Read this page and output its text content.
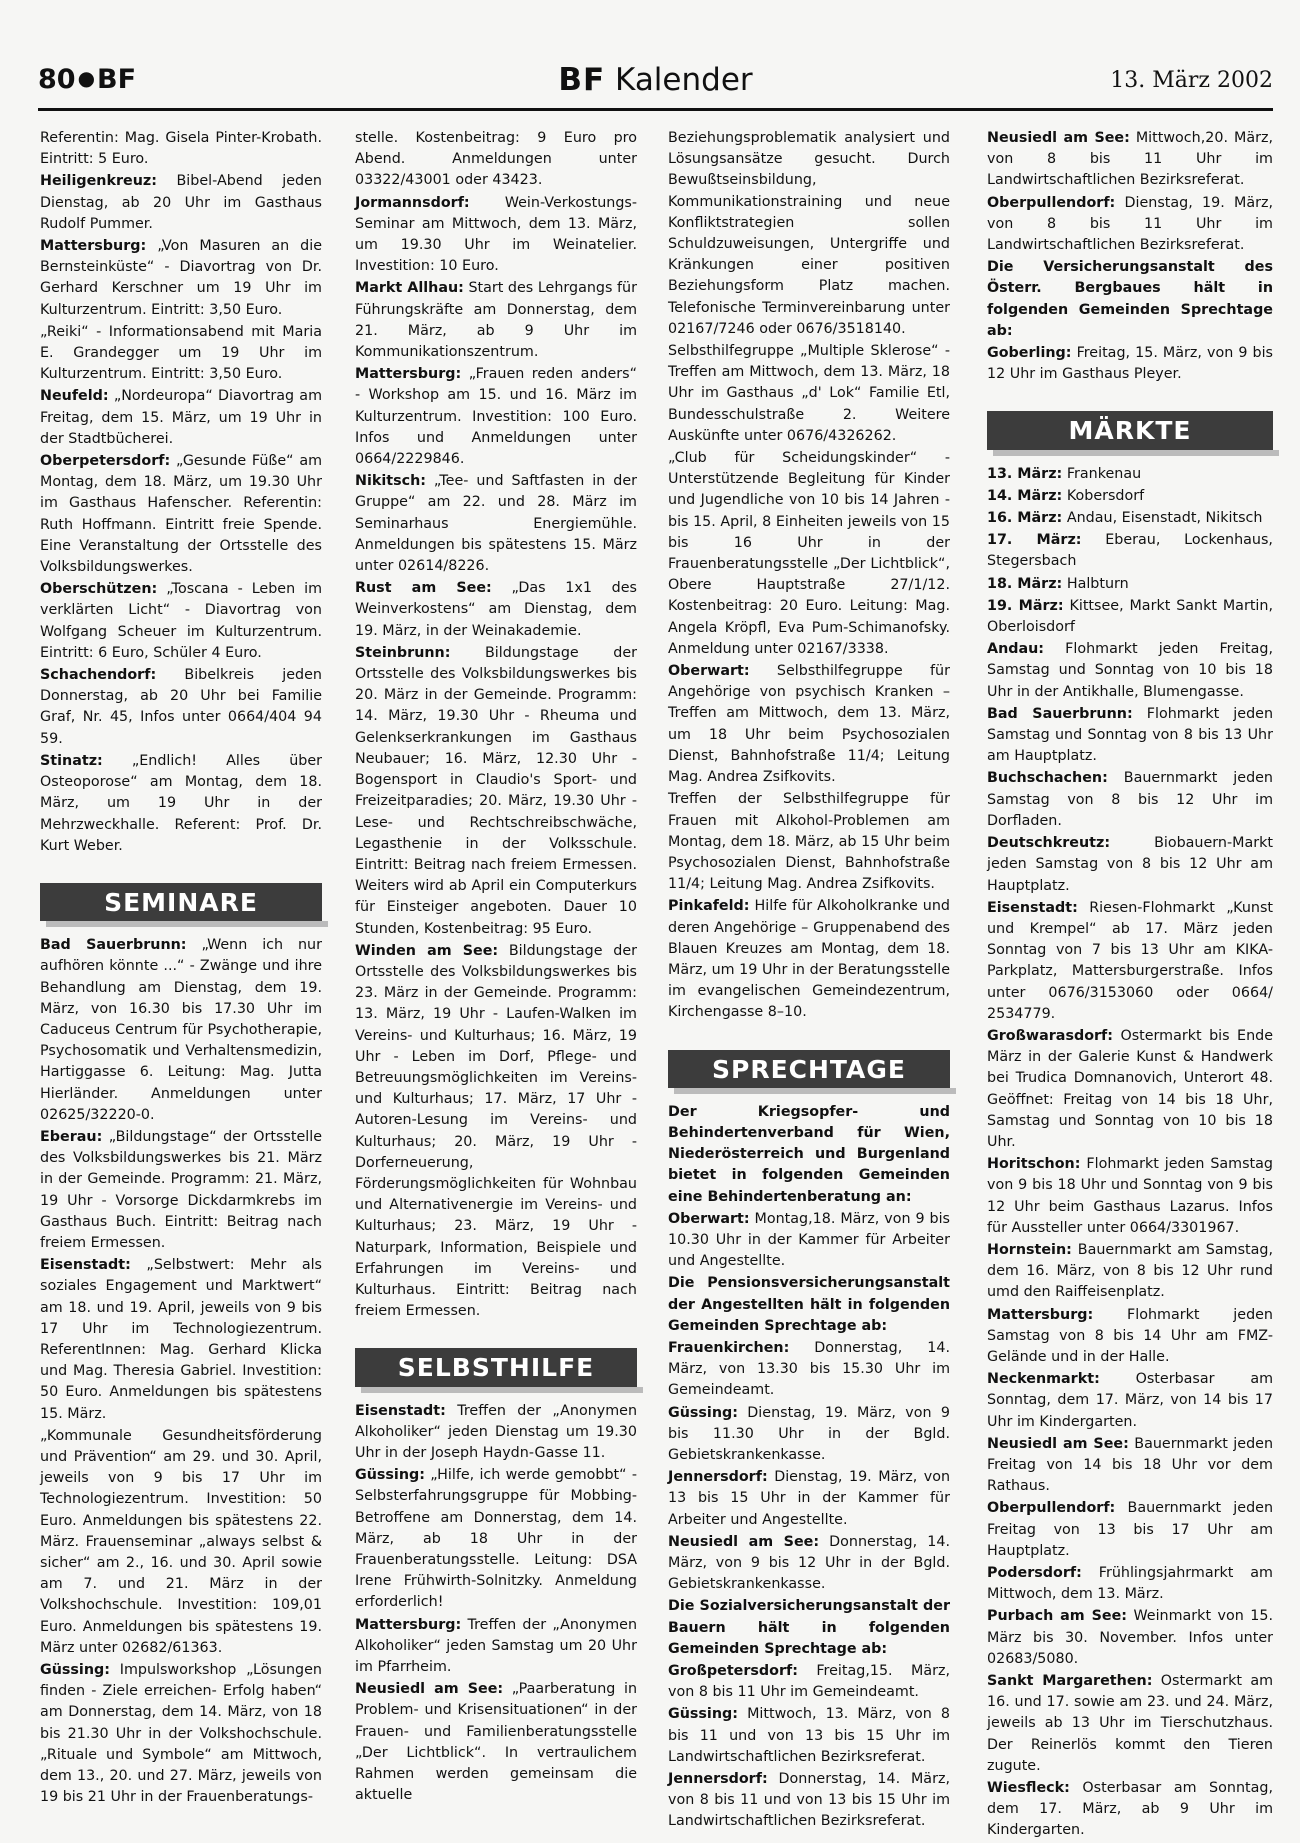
80 ●BF	BF Kalender	13. März 2002
Referentin: Mag. Gisela Pinter-Krobath. Eintritt: 5 Euro.
Heiligenkreuz: Bibel-Abend jeden Dienstag, ab 20 Uhr im Gasthaus Rudolf Pummer.
Mattersburg: „Von Masuren an die Bernsteinküste“ - Diavortrag von Dr. Gerhard Kerschner um 19 Uhr im Kulturzentrum. Eintritt: 3,50 Euro.
„Reiki“ - Informationsabend mit Maria E. Grandegger um 19 Uhr im Kulturzentrum. Eintritt: 3,50 Euro.
Neufeld: „Nordeuropa“ Diavortrag am Freitag, dem 15. März, um 19 Uhr in der Stadtbücherei.
Oberpetersdorf: „Gesunde Füße“ am Montag, dem 18. März, um 19.30 Uhr im Gasthaus Hafenscher. Referentin: Ruth Hoffmann. Eintritt freie Spende. Eine Veranstaltung der Ortsstelle des Volksbildungswerkes.
Oberschützen: „Toscana - Leben im verklärten Licht“ - Diavortrag von Wolfgang Scheuer im Kulturzentrum. Eintritt: 6 Euro, Schüler 4 Euro.
Schachendorf: Bibelkreis jeden Donnerstag, ab 20 Uhr bei Familie Graf, Nr. 45, Infos unter 0664/404 94 59.
Stinatz: „Endlich! Alles über Osteoporose“ am Montag, dem 18. März, um 19 Uhr in der Mehrzweckhalle. Referent: Prof. Dr. Kurt Weber.
SEMINARE
Bad Sauerbrunn: „Wenn ich nur aufhören könnte ...“ - Zwänge und ihre Behandlung am Dienstag, dem 19. März, von 16.30 bis 17.30 Uhr im Caduceus Centrum für Psychotherapie, Psychosomatik und Verhaltensmedizin, Hartiggasse 6. Leitung: Mag. Jutta Hierländer. Anmeldungen unter 02625/32220-0.
Eberau: „Bildungstage“ der Ortsstelle des Volksbildungswerkes bis 21. März in der Gemeinde. Programm: 21. März, 19 Uhr - Vorsorge Dickdarmkrebs im Gasthaus Buch. Eintritt: Beitrag nach freiem Ermessen.
Eisenstadt: „Selbstwert: Mehr als soziales Engagement und Marktwert“ am 18. und 19. April, jeweils von 9 bis 17 Uhr im Technologiezentrum. ReferentInnen: Mag. Gerhard Klicka und Mag. Theresia Gabriel. Investition: 50 Euro. Anmeldungen bis spätestens 15. März.
„Kommunale Gesundheitsförderung und Prävention“ am 29. und 30. April, jeweils von 9 bis 17 Uhr im Technologiezentrum. Investition: 50 Euro. Anmeldungen bis spätestens 22. März. Frauenseminar „always selbst & sicher“ am 2., 16. und 30. April sowie am 7. und 21. März in der Volkshochschule. Investition: 109,01 Euro. Anmeldungen bis spätestens 19. März unter 02682/61363.
Güssing: Impulsworkshop „Lösungen finden - Ziele erreichen- Erfolg haben“ am Donnerstag, dem 14. März, von 18 bis 21.30 Uhr in der Volkshochschule. „Rituale und Symbole“ am Mittwoch, dem 13., 20. und 27. März, jeweils von 19 bis 21 Uhr in der Frauenberatungs-
stelle. Kostenbeitrag: 9 Euro pro Abend. Anmeldungen unter 03322/43001 oder 43423.
Jormannsdorf: Wein-Verkostungs-Seminar am Mittwoch, dem 13. März, um 19.30 Uhr im Weinatelier. Investition: 10 Euro.
Markt Allhau: Start des Lehrgangs für Führungskräfte am Donnerstag, dem 21. März, ab 9 Uhr im Kommunikationszentrum.
Mattersburg: „Frauen reden anders“ - Workshop am 15. und 16. März im Kulturzentrum. Investition: 100 Euro. Infos und Anmeldungen unter 0664/2229846.
Nikitsch: „Tee- und Saftfasten in der Gruppe“ am 22. und 28. März im Seminarhaus Energiemühle. Anmeldungen bis spätestens 15. März unter 02614/8226.
Rust am See: „Das 1x1 des Weinverkostens“ am Dienstag, dem 19. März, in der Weinakademie.
Steinbrunn: Bildungstage der Ortsstelle des Volksbildungswerkes bis 20. März in der Gemeinde. Programm: 14. März, 19.30 Uhr - Rheuma und Gelenkserkrankungen im Gasthaus Neubauer; 16. März, 12.30 Uhr - Bogensport in Claudio's Sport- und Freizeitparadies; 20. März, 19.30 Uhr - Lese- und Rechtschreibschwäche, Legasthenie in der Volksschule. Eintritt: Beitrag nach freiem Ermessen. Weiters wird ab April ein Computerkurs für Einsteiger angeboten. Dauer 10 Stunden, Kostenbeitrag: 95 Euro.
Winden am See: Bildungstage der Ortsstelle des Volksbildungswerkes bis 23. März in der Gemeinde. Programm: 13. März, 19 Uhr - Laufen-Walken im Vereins- und Kulturhaus; 16. März, 19 Uhr - Leben im Dorf, Pflege- und Betreuungsmöglichkeiten im Vereins- und Kulturhaus; 17. März, 17 Uhr - Autoren-Lesung im Vereins- und Kulturhaus; 20. März, 19 Uhr - Dorferneuerung, Förderungsmöglichkeiten für Wohnbau und Alternativenergie im Vereins- und Kulturhaus; 23. März, 19 Uhr - Naturpark, Information, Beispiele und Erfahrungen im Vereins- und Kulturhaus. Eintritt: Beitrag nach freiem Ermessen.
SELBSTHILFE
Eisenstadt: Treffen der „Anonymen Alkoholiker“ jeden Dienstag um 19.30 Uhr in der Joseph Haydn-Gasse 11.
Güssing: „Hilfe, ich werde gemobbt“ - Selbsterfahrungsgruppe für Mobbing-Betroffene am Donnerstag, dem 14. März, ab 18 Uhr in der Frauenberatungsstelle. Leitung: DSA Irene Frühwirth-Solnitzky. Anmeldung erforderlich!
Mattersburg: Treffen der „Anonymen Alkoholiker“ jeden Samstag um 20 Uhr im Pfarrheim.
Neusiedl am See: „Paarberatung in Problem- und Krisensituationen“ in der Frauen- und Familienberatungsstelle „Der Lichtblick“. In vertraulichem Rahmen werden gemeinsam die aktuelle
Beziehungsproblematik analysiert und Lösungsansätze gesucht. Durch Bewußtseinsbildung, Kommunikationstraining und neue Konfliktstrategien sollen Schuldzuweisungen, Untergriffe und Kränkungen einer positiven Beziehungsform Platz machen. Telefonische Terminvereinbarung unter 02167/7246 oder 0676/3518140.
Selbsthilfegruppe „Multiple Sklerose“ - Treffen am Mittwoch, dem 13. März, 18 Uhr im Gasthaus „d' Lok“ Familie Etl, Bundesschulstraße 2. Weitere Auskünfte unter 0676/4326262.
„Club für Scheidungskinder“ - Unterstützende Begleitung für Kinder und Jugendliche von 10 bis 14 Jahren - bis 15. April, 8 Einheiten jeweils von 15 bis 16 Uhr in der Frauenberatungsstelle „Der Lichtblick“, Obere Hauptstraße 27/1/12. Kostenbeitrag: 20 Euro. Leitung: Mag. Angela Kröpfl, Eva Pum-Schimanofsky. Anmeldung unter 02167/3338.
Oberwart: Selbsthilfegruppe für Angehörige von psychisch Kranken – Treffen am Mittwoch, dem 13. März, um 18 Uhr beim Psychosozialen Dienst, Bahnhofstraße 11/4; Leitung Mag. Andrea Zsifkovits.
Treffen der Selbsthilfegruppe für Frauen mit Alkohol-Problemen am Montag, dem 18. März, ab 15 Uhr beim Psychosozialen Dienst, Bahnhofstraße 11/4; Leitung Mag. Andrea Zsifkovits.
Pinkafeld: Hilfe für Alkoholkranke und deren Angehörige – Gruppenabend des Blauen Kreuzes am Montag, dem 18. März, um 19 Uhr in der Beratungsstelle im evangelischen Gemeindezentrum, Kirchengasse 8–10.
SPRECHTAGE
Der Kriegsopfer- und Behindertenverband für Wien, Niederösterreich und Burgenland bietet in folgenden Gemeinden eine Behindertenberatung an:
Oberwart: Montag,18. März, von 9 bis 10.30 Uhr in der Kammer für Arbeiter und Angestellte.
Die Pensionsversicherungsanstalt der Angestellten hält in folgenden Gemeinden Sprechtage ab:
Frauenkirchen: Donnerstag, 14. März, von 13.30 bis 15.30 Uhr im Gemeindeamt.
Güssing: Dienstag, 19. März, von 9 bis 11.30 Uhr in der Bgld. Gebietskrankenkasse.
Jennersdorf: Dienstag, 19. März, von 13 bis 15 Uhr in der Kammer für Arbeiter und Angestellte.
Neusiedl am See: Donnerstag, 14. März, von 9 bis 12 Uhr in der Bgld. Gebietskrankenkasse.
Die Sozialversicherungsanstalt der Bauern hält in folgenden Gemeinden Sprechtage ab:
Großpetersdorf: Freitag,15. März, von 8 bis 11 Uhr im Gemeindeamt.
Güssing: Mittwoch, 13. März, von 8 bis 11 und von 13 bis 15 Uhr im Landwirtschaftlichen Bezirksreferat.
Jennersdorf: Donnerstag, 14. März, von 8 bis 11 und von 13 bis 15 Uhr im Landwirtschaftlichen Bezirksreferat.
Neusiedl am See: Mittwoch,20. März, von 8 bis 11 Uhr im Landwirtschaftlichen Bezirksreferat.
Oberpullendorf: Dienstag, 19. März, von 8 bis 11 Uhr im Landwirtschaftlichen Bezirksreferat.
Die Versicherungsanstalt des Österr. Bergbaues hält in folgenden Gemeinden Sprechtage ab:
Goberling: Freitag, 15. März, von 9 bis 12 Uhr im Gasthaus Pleyer.
MÄRKTE
13. März: Frankenau
14. März: Kobersdorf
16. März: Andau, Eisenstadt, Nikitsch
17. März: Eberau, Lockenhaus, Stegersbach
18. März: Halbturn
19. März: Kittsee, Markt Sankt Martin, Oberloisdorf
Andau: Flohmarkt jeden Freitag, Samstag und Sonntag von 10 bis 18 Uhr in der Antikhalle, Blumengasse.
Bad Sauerbrunn: Flohmarkt jeden Samstag und Sonntag von 8 bis 13 Uhr am Hauptplatz.
Buchschachen: Bauernmarkt jeden Samstag von 8 bis 12 Uhr im Dorfladen.
Deutschkreutz:	Biobauern-Markt jeden Samstag von 8 bis 12 Uhr am Hauptplatz.
Eisenstadt: Riesen-Flohmarkt „Kunst und Krempel“ ab 17. März jeden Sonntag von 7 bis 13 Uhr am KIKA-Parkplatz, Mattersburgerstraße. Infos unter 0676/3153060 oder 0664/ 2534779.
Großwarasdorf: Ostermarkt bis Ende März in der Galerie Kunst & Handwerk bei Trudica Domnanovich, Unterort 48. Geöffnet: Freitag von 14 bis 18 Uhr, Samstag und Sonntag von 10 bis 18 Uhr.
Horitschon: Flohmarkt jeden Samstag von 9 bis 18 Uhr und Sonntag von 9 bis 12 Uhr beim Gasthaus Lazarus. Infos für Aussteller unter 0664/3301967.
Hornstein: Bauernmarkt am Samstag, dem 16. März, von 8 bis 12 Uhr rund umd den Raiffeisenplatz.
Mattersburg: Flohmarkt jeden Samstag von 8 bis 14 Uhr am FMZ-Gelände und in der Halle.
Neckenmarkt:	Osterbasar am Sonntag, dem 17. März, von 14 bis 17 Uhr im Kindergarten.
Neusiedl am See: Bauernmarkt jeden Freitag von 14 bis 18 Uhr vor dem Rathaus.
Oberpullendorf: Bauernmarkt jeden Freitag von 13 bis 17 Uhr am Hauptplatz.
Podersdorf: Frühlingsjahrmarkt am Mittwoch, dem 13. März.
Purbach am See: Weinmarkt von 15. März bis 30. November. Infos unter 02683/5080.
Sankt Margarethen: Ostermarkt am 16. und 17. sowie am 23. und 24. März, jeweils ab 13 Uhr im Tierschutzhaus. Der Reinerlös kommt den Tieren zugute.
Wiesfleck: Osterbasar am Sonntag, dem 17. März, ab 9 Uhr im Kindergarten.
